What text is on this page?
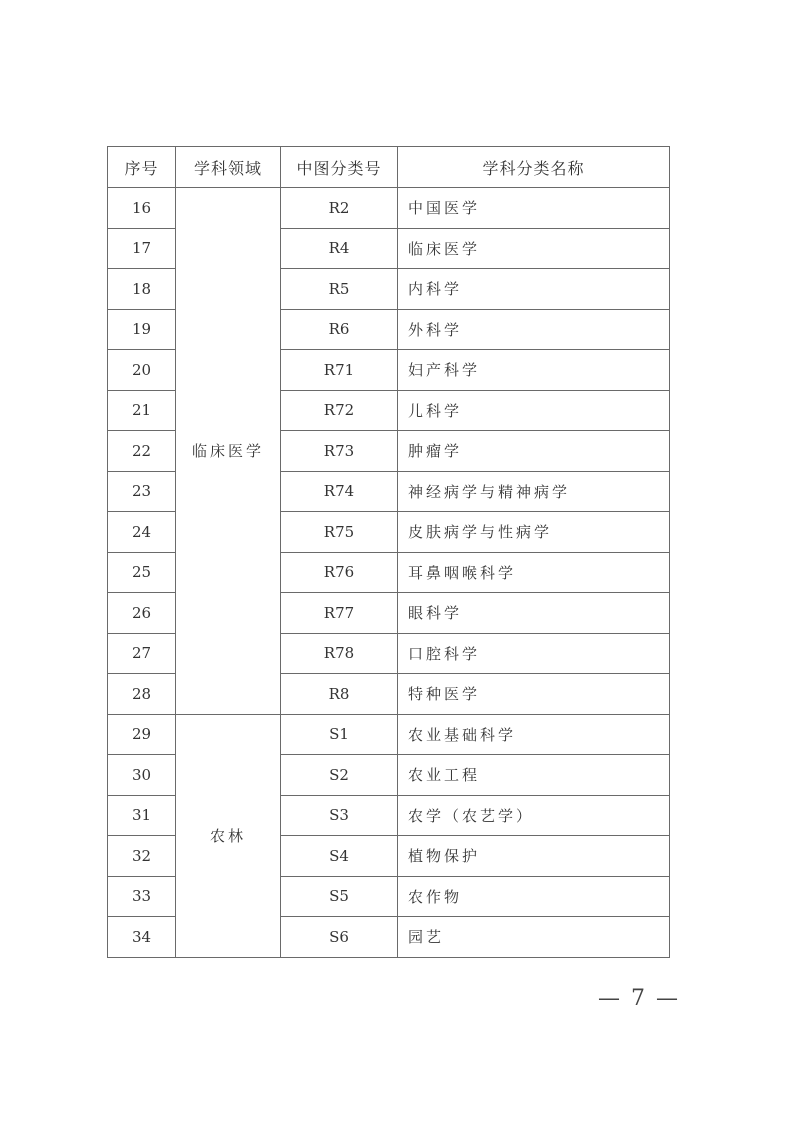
序号	学科领域	中图分类号	学科分类名称
16	临床医学	R2	中国医学
17		R4	临床医学
18		R5	内科学
19		R6	外科学
20		R71	妇产科学
21		R72	儿科学
22		R73	肿瘤学
23		R74	神经病学与精神病学
24		R75	皮肤病学与性病学
25		R76	耳鼻咽喉科学
26		R77	眼科学
27		R78	口腔科学
28		R8	特种医学
29	农林	S1	农业基础科学
30		S2	农业工程
31		S3	农学（农艺学）
32		S4	植物保护
33		S5	农作物
34		S6	园艺
— 7 —
